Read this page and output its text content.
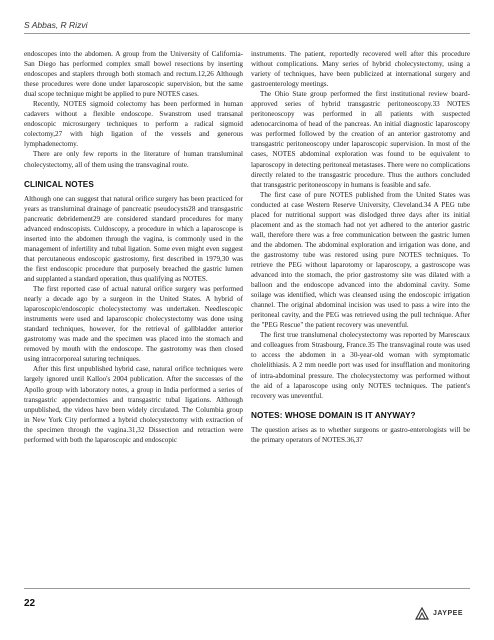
S Abbas, R Rizvi

endoscopes into the abdomen. A group from the University of California-San Diego has performed complex small bowel resections by inserting endoscopes and staplers through both stomach and rectum.12,26 Although these procedures were done under laparoscopic supervision, but the same dual scope technique might be applied to pure NOTES cases.

Recently, NOTES sigmoid colectomy has been performed in human cadavers without a flexible endoscope. Swanstrom used transanal endoscopic microsurgery techniques to perform a radical sigmoid colectomy,27 with high ligation of the vessels and generous lymphadenectomy.

There are only few reports in the literature of human transluminal cholecystectomy, all of them using the transvaginal route.

CLINICAL NOTES

Although one can suggest that natural orifice surgery has been practiced for years as transluminal drainage of pancreatic pseudocysts28 and transgastric pancreatic debridement29 are considered standard procedures for many advanced endoscopists. Culdoscopy, a procedure in which a laparoscope is inserted into the abdomen through the vagina, is commonly used in the management of infertility and tubal ligation. Some even might even suggest that percutaneous endoscopic gastrostomy, first described in 1979,30 was the first endoscopic procedure that purposely breached the gastric lumen and supplanted a standard operation, thus qualifying as NOTES.

The first reported case of actual natural orifice surgery was performed nearly a decade ago by a surgeon in the United States. A hybrid of laparoscopic/endoscopic cholecystectomy was undertaken. Needlescopic instruments were used and laparoscopic cholecystectomy was done using standard techniques, however, for the retrieval of gallbladder anterior gastrotomy was made and the specimen was placed into the stomach and removed by mouth with the endoscope. The gastrotomy was then closed using intracorporeal suturing techniques.

After this first unpublished hybrid case, natural orifice techniques were largely ignored until Kalloo's 2004 publication. After the successes of the Apollo group with laboratory notes, a group in India performed a series of transgastric appendectomies and transgastric tubal ligations. Although unpublished, the videos have been widely circulated. The Columbia group in New York City performed a hybrid cholecystectomy with extraction of the specimen through the vagina.31,32 Dissection and retraction were performed with both the laparoscopic and endoscopic

instruments. The patient, reportedly recovered well after this procedure without complications. Many series of hybrid cholecystectomy, using a variety of techniques, have been publicized at international surgery and gastroenterology meetings.

The Ohio State group performed the first institutional review board-approved series of hybrid transgastric peritoneoscopy.33 NOTES peritoneoscopy was performed in all patients with suspected adenocarcinoma of head of the pancreas. An initial diagnostic laparoscopy was performed followed by the creation of an anterior gastrotomy and transgastric peritoneoscopy under laparoscopic supervision. In most of the cases, NOTES abdominal exploration was found to be equivalent to laparoscopy in detecting peritoneal metastases. There were no complications directly related to the transgastric procedure. Thus the authors concluded that transgastric peritoneoscopy in humans is feasible and safe.

The first case of pure NOTES published from the United States was conducted at case Western Reserve University, Cleveland.34 A PEG tube placed for nutritional support was dislodged three days after its initial placement and as the stomach had not yet adhered to the anterior gastric wall, therefore there was a free communication between the gastric lumen and the abdomen. The abdominal exploration and irrigation was done, and the gastrostomy tube was restored using pure NOTES techniques. To retrieve the PEG without laparotomy or laparoscopy, a gastroscope was advanced into the stomach, the prior gastrostomy site was dilated with a balloon and the endoscope advanced into the abdominal cavity. Some soilage was identified, which was cleansed using the endoscopic irrigation channel. The original abdominal incision was used to pass a wire into the peritoneal cavity, and the PEG was retrieved using the pull technique. After the "PEG Rescue" the patient recovery was uneventful.

The first true translumenal cholecystectomy was reported by Marescaux and colleagues from Strasbourg, France.35 The transvaginal route was used to access the abdomen in a 30-year-old woman with symptomatic cholelithiasis. A 2 mm needle port was used for insufflation and monitoring of intra-abdominal pressure. The cholecystectomy was performed without the aid of a laparoscope using only NOTES techniques. The patient's recovery was uneventful.

NOTES: WHOSE DOMAIN IS IT ANYWAY?

The question arises as to whether surgeons or gastro-enterologists will be the primary operators of NOTES.36,37

22
JAYPEE
